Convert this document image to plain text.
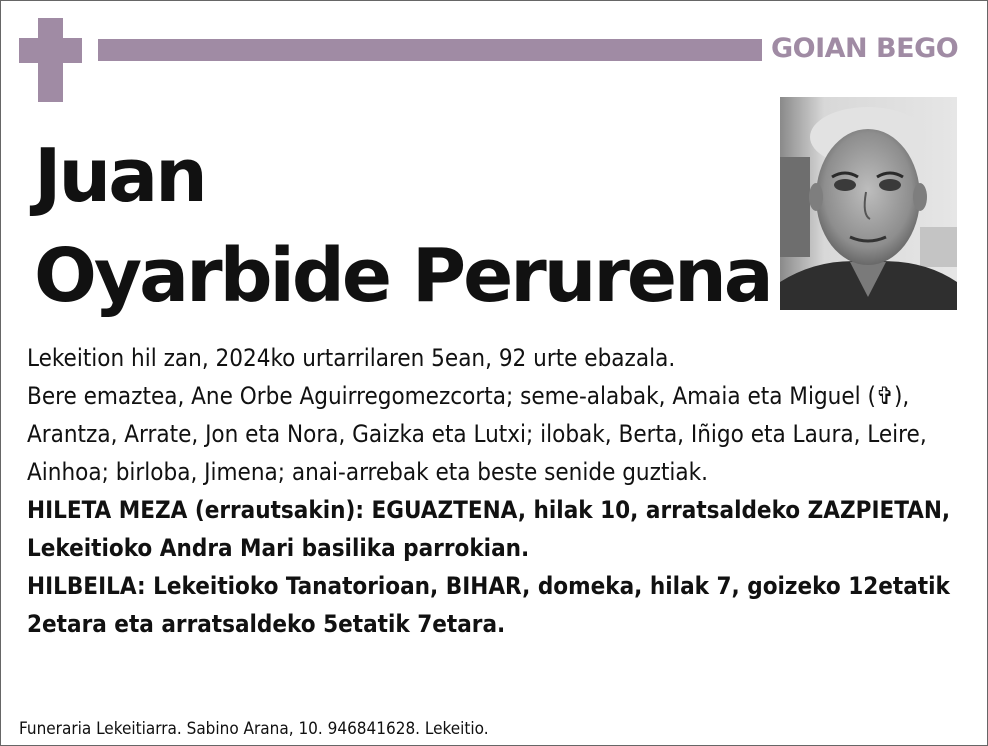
GOIAN BEGO
Juan
Oyarbide Perurena

Lekeition hil zan, 2024ko urtarrilaren 5ean, 92 urte ebazala.

Bere emaztea, Ane Orbe Aguirregomezcorta; seme-alabak, Amaia eta Miguel (✞), Arantza, Arrate, Jon eta Nora, Gaizka eta Lutxi; ilobak, Berta, Iñigo eta Laura, Leire, Ainhoa; birloba, Jimena; anai-arrebak eta beste senide guztiak.

HILETA MEZA (errautsakin): EGUAZTENA, hilak 10, arratsaldeko ZAZPIETAN, Lekeitioko Andra Mari basilika parrokian.

HILBEILA: Lekeitioko Tanatorioan, BIHAR, domeka, hilak 7, goizeko 12etatik 2etara eta arratsaldeko 5etatik 7etara.

Funeraria Lekeitiarra. Sabino Arana, 10. 946841628. Lekeitio.
